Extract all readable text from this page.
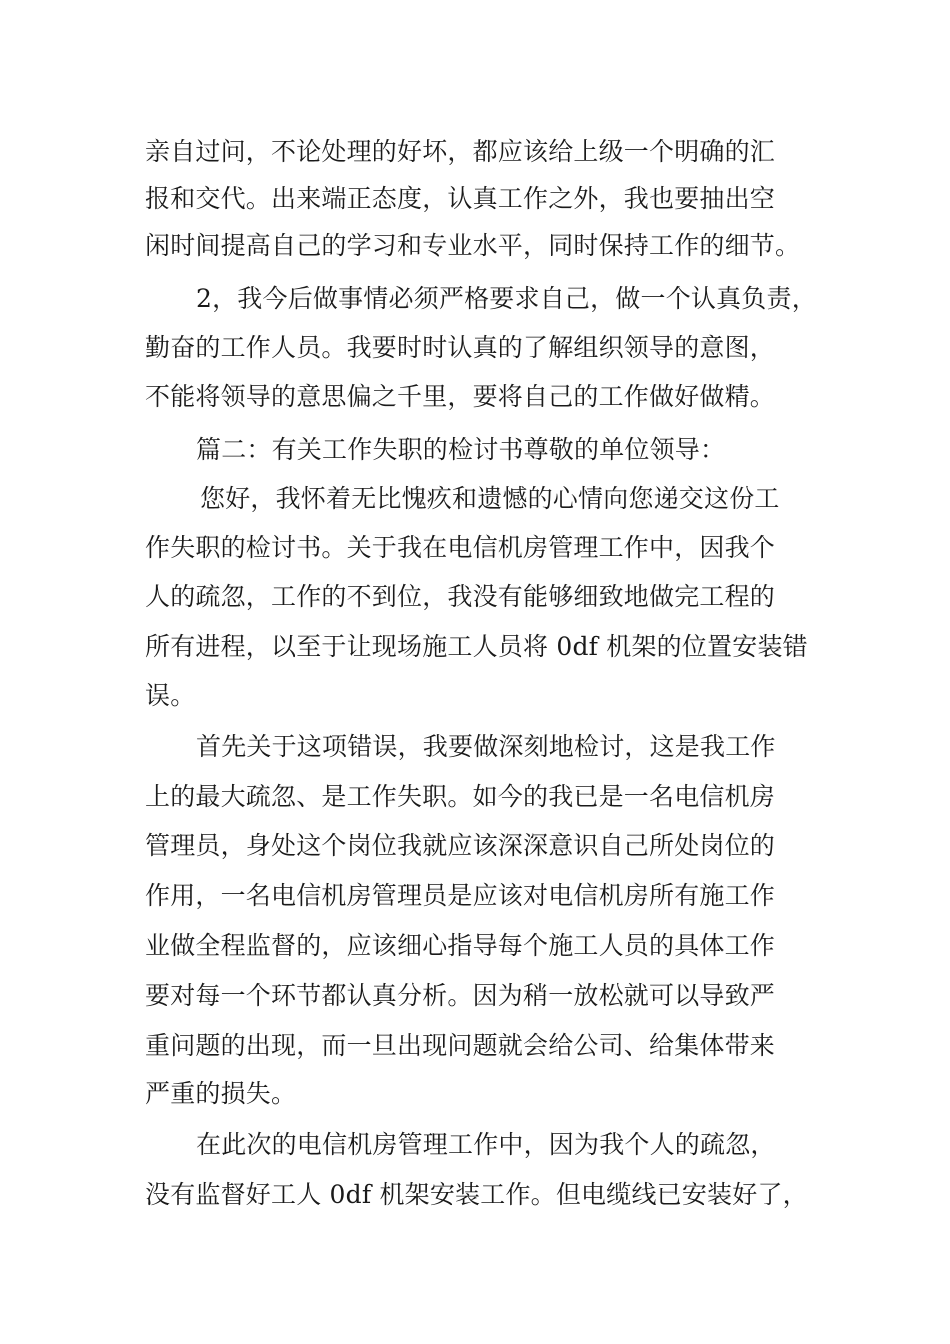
亲自过问，不论处理的好坏，都应该给上级一个明确的汇
报和交代。出来端正态度，认真工作之外，我也要抽出空
闲时间提高自己的学习和专业水平，同时保持工作的细节。
2，我今后做事情必须严格要求自己，做一个认真负责，
勤奋的工作人员。我要时时认真的了解组织领导的意图，
不能将领导的意思偏之千里，要将自己的工作做好做精。
篇二：有关工作失职的检讨书尊敬的单位领导：
您好，我怀着无比愧疚和遗憾的心情向您递交这份工
作失职的检讨书。关于我在电信机房管理工作中，因我个
人的疏忽，工作的不到位，我没有能够细致地做完工程的
所有进程，以至于让现场施工人员将 0df 机架的位置安装错
误。
首先关于这项错误，我要做深刻地检讨，这是我工作
上的最大疏忽、是工作失职。如今的我已是一名电信机房
管理员，身处这个岗位我就应该深深意识自己所处岗位的
作用，一名电信机房管理员是应该对电信机房所有施工作
业做全程监督的，应该细心指导每个施工人员的具体工作
要对每一个环节都认真分析。因为稍一放松就可以导致严
重问题的出现，而一旦出现问题就会给公司、给集体带来
严重的损失。
在此次的电信机房管理工作中，因为我个人的疏忽，
没有监督好工人 0df 机架安装工作。但电缆线已安装好了，
